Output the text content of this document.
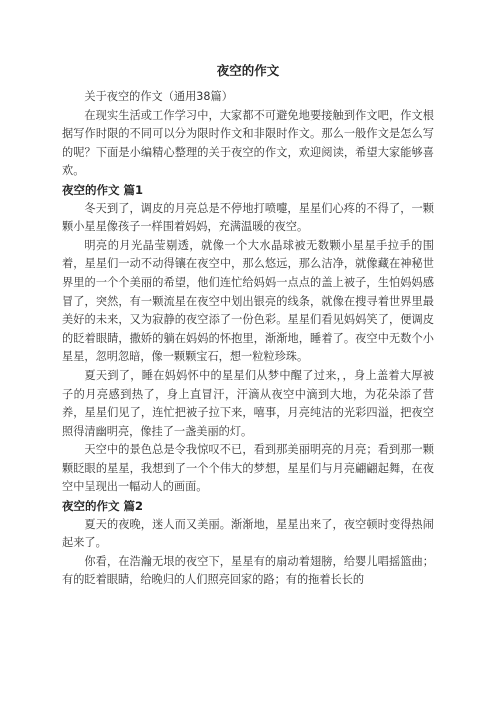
夜空的作文

关于夜空的作文（通用38篇）

在现实生活或工作学习中，大家都不可避免地要接触到作文吧，作文根据写作时限的不同可以分为限时作文和非限时作文。那么一般作文是怎么写的呢？下面是小编精心整理的关于夜空的作文，欢迎阅读，希望大家能够喜欢。

夜空的作文 篇1

冬天到了，调皮的月亮总是不停地打喷嚏，星星们心疼的不得了，一颗颗小星星像孩子一样围着妈妈，充满温暖的夜空。

明亮的月光晶莹剔透，就像一个大水晶球被无数颗小星星手拉手的围着，星星们一动不动得镶在夜空中，那么悠远，那么洁净，就像藏在神秘世界里的一个个美丽的希望，他们连忙给妈妈一点点的盖上被子，生怕妈妈感冒了，突然，有一颗流星在夜空中划出银亮的线条，就像在搜寻着世界里最美好的未来，又为寂静的夜空添了一份色彩。星星们看见妈妈笑了，便调皮的眨着眼睛，撒娇的躺在妈妈的怀抱里，渐渐地，睡着了。夜空中无数个小星星，忽明忽暗，像一颗颗宝石，想一粒粒珍珠。

夏天到了，睡在妈妈怀中的星星们从梦中醒了过来，，身上盖着大厚被子的月亮感到热了，身上直冒汗，汗滴从夜空中滴到大地，为花朵添了营养，星星们见了，连忙把被子拉下来，嘻事，月亮纯洁的光彩四溢，把夜空照得清幽明亮，像挂了一盏美丽的灯。

天空中的景色总是令我惊叹不已，看到那美丽明亮的月亮；看到那一颗颗眨眼的星星，我想到了一个个伟大的梦想，星星们与月亮翩翩起舞，在夜空中呈现出一幅动人的画面。

夜空的作文 篇2

夏天的夜晚，迷人而又美丽。渐渐地，星星出来了，夜空顿时变得热闹起来了。

你看，在浩瀚无垠的夜空下，星星有的扇动着翅膀，给婴儿唱摇篮曲；有的眨着眼睛，给晚归的人们照亮回家的路；有的拖着长长的
